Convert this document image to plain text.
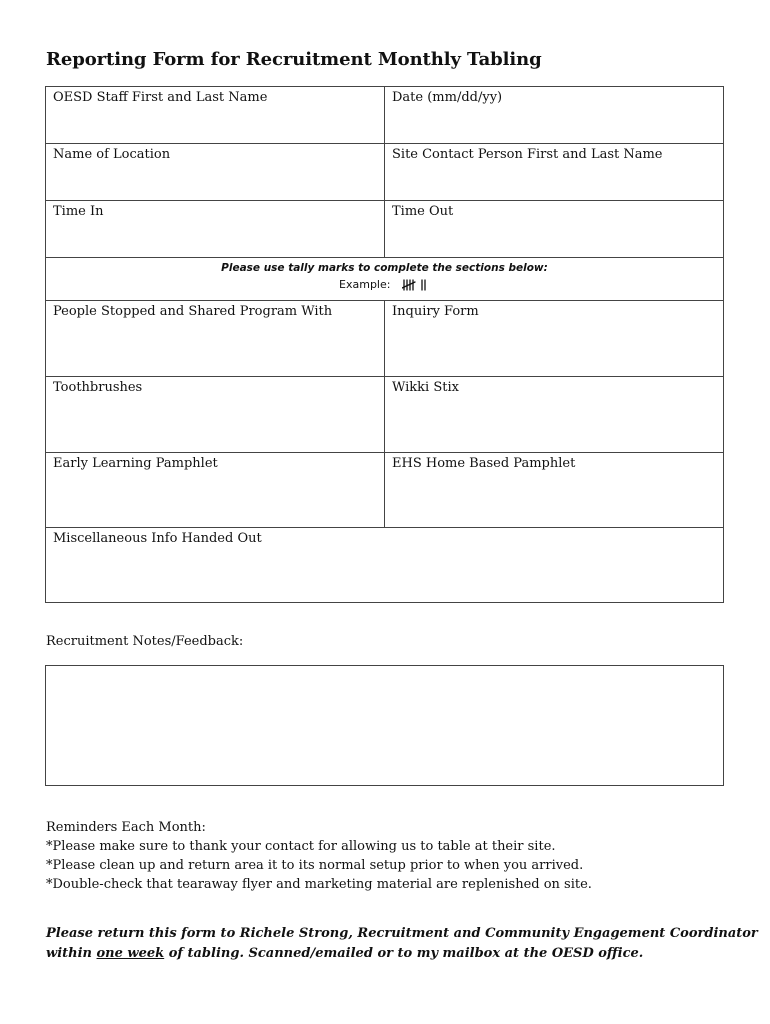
Reporting Form for Recruitment Monthly Tabling
OESD Staff First and Last Name	Date (mm/dd/yy)
Name of Location	Site Contact Person First and Last Name
Time In	Time Out
Please use tally marks to complete the sections below:
Example:
People Stopped and Shared Program With	Inquiry Form
Toothbrushes	Wikki Stix
Early Learning Pamphlet	EHS Home Based Pamphlet
Miscellaneous Info Handed Out
Recruitment Notes/Feedback:
Reminders Each Month:
*Please make sure to thank your contact for allowing us to table at their site.
*Please clean up and return area it to its normal setup prior to when you arrived.
*Double-check that tearaway flyer and marketing material are replenished on site.
Please return this form to Richele Strong, Recruitment and Community Engagement Coordinator
within one week of tabling. Scanned/emailed or to my mailbox at the OESD office.
